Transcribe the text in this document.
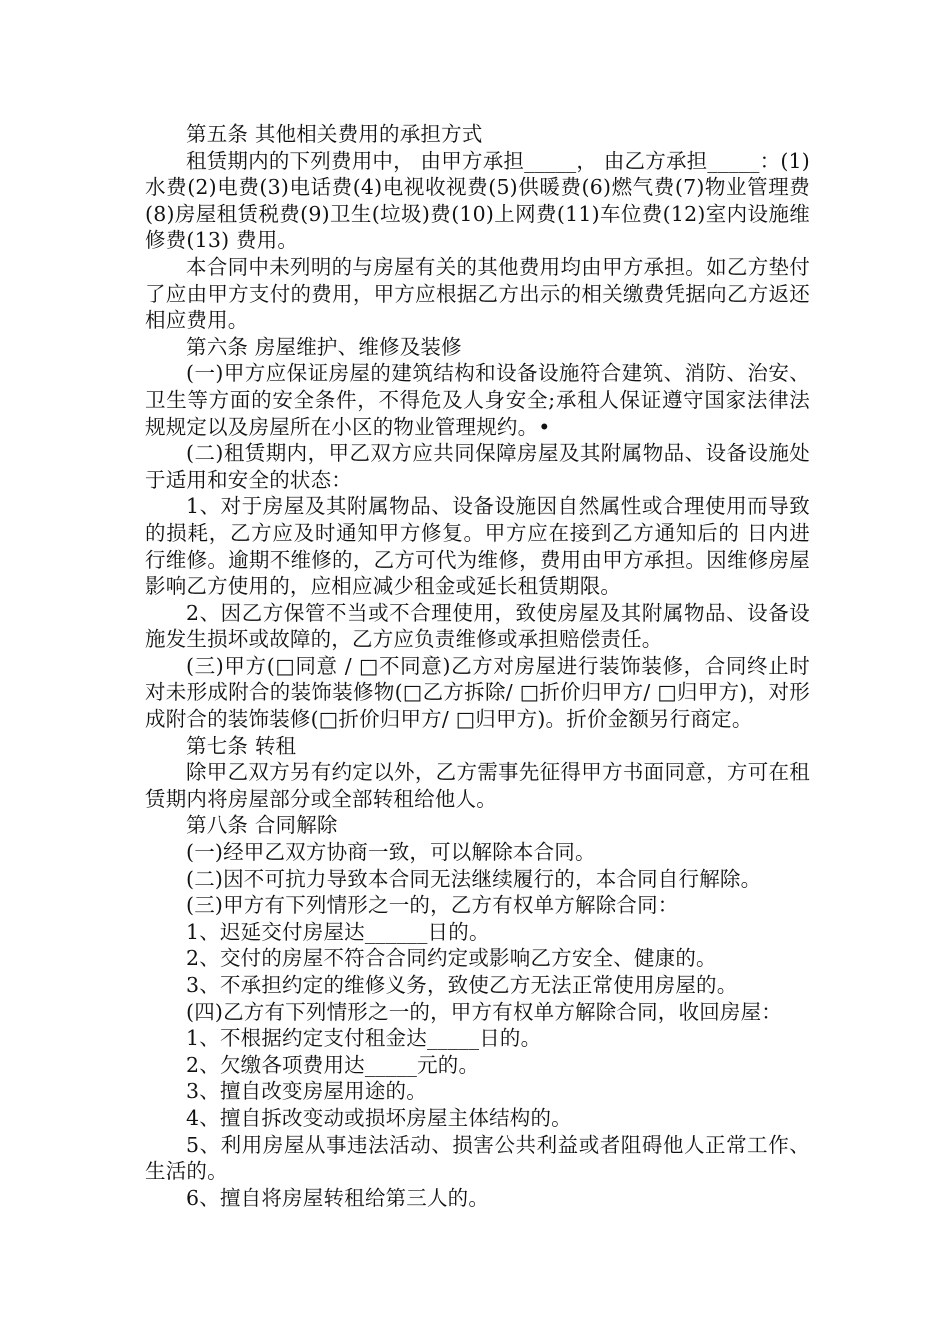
第五条 其他相关费用的承担方式

租赁期内的下列费用中， 由甲方承担_____， 由乙方承担_____：(1)水费(2)电费(3)电话费(4)电视收视费(5)供暖费(6)燃气费(7)物业管理费(8)房屋租赁税费(9)卫生(垃圾)费(10)上网费(11)车位费(12)室内设施维修费(13) 费用。

本合同中未列明的与房屋有关的其他费用均由甲方承担。如乙方垫付了应由甲方支付的费用，甲方应根据乙方出示的相关缴费凭据向乙方返还相应费用。

第六条 房屋维护、维修及装修

(一)甲方应保证房屋的建筑结构和设备设施符合建筑、消防、治安、卫生等方面的安全条件，不得危及人身安全;承租人保证遵守国家法律法规规定以及房屋所在小区的物业管理规约。•

(二)租赁期内，甲乙双方应共同保障房屋及其附属物品、设备设施处于适用和安全的状态：

1、对于房屋及其附属物品、设备设施因自然属性或合理使用而导致的损耗，乙方应及时通知甲方修复。甲方应在接到乙方通知后的 日内进行维修。逾期不维修的，乙方可代为维修，费用由甲方承担。因维修房屋影响乙方使用的，应相应减少租金或延长租赁期限。

2、因乙方保管不当或不合理使用，致使房屋及其附属物品、设备设施发生损坏或故障的，乙方应负责维修或承担赔偿责任。

(三)甲方(□同意 / □不同意)乙方对房屋进行装饰装修，合同终止时对未形成附合的装饰装修物(□乙方拆除/ □折价归甲方/ □归甲方)，对形成附合的装饰装修(□折价归甲方/ □归甲方)。折价金额另行商定。

第七条 转租

除甲乙双方另有约定以外，乙方需事先征得甲方书面同意，方可在租赁期内将房屋部分或全部转租给他人。

第八条 合同解除

(一)经甲乙双方协商一致，可以解除本合同。

(二)因不可抗力导致本合同无法继续履行的，本合同自行解除。

(三)甲方有下列情形之一的，乙方有权单方解除合同：

1、迟延交付房屋达______日的。

2、交付的房屋不符合合同约定或影响乙方安全、健康的。

3、不承担约定的维修义务，致使乙方无法正常使用房屋的。

(四)乙方有下列情形之一的，甲方有权单方解除合同，收回房屋：

1、不根据约定支付租金达_____日的。

2、欠缴各项费用达_____元的。

3、擅自改变房屋用途的。

4、擅自拆改变动或损坏房屋主体结构的。

5、利用房屋从事违法活动、损害公共利益或者阻碍他人正常工作、生活的。

6、擅自将房屋转租给第三人的。
